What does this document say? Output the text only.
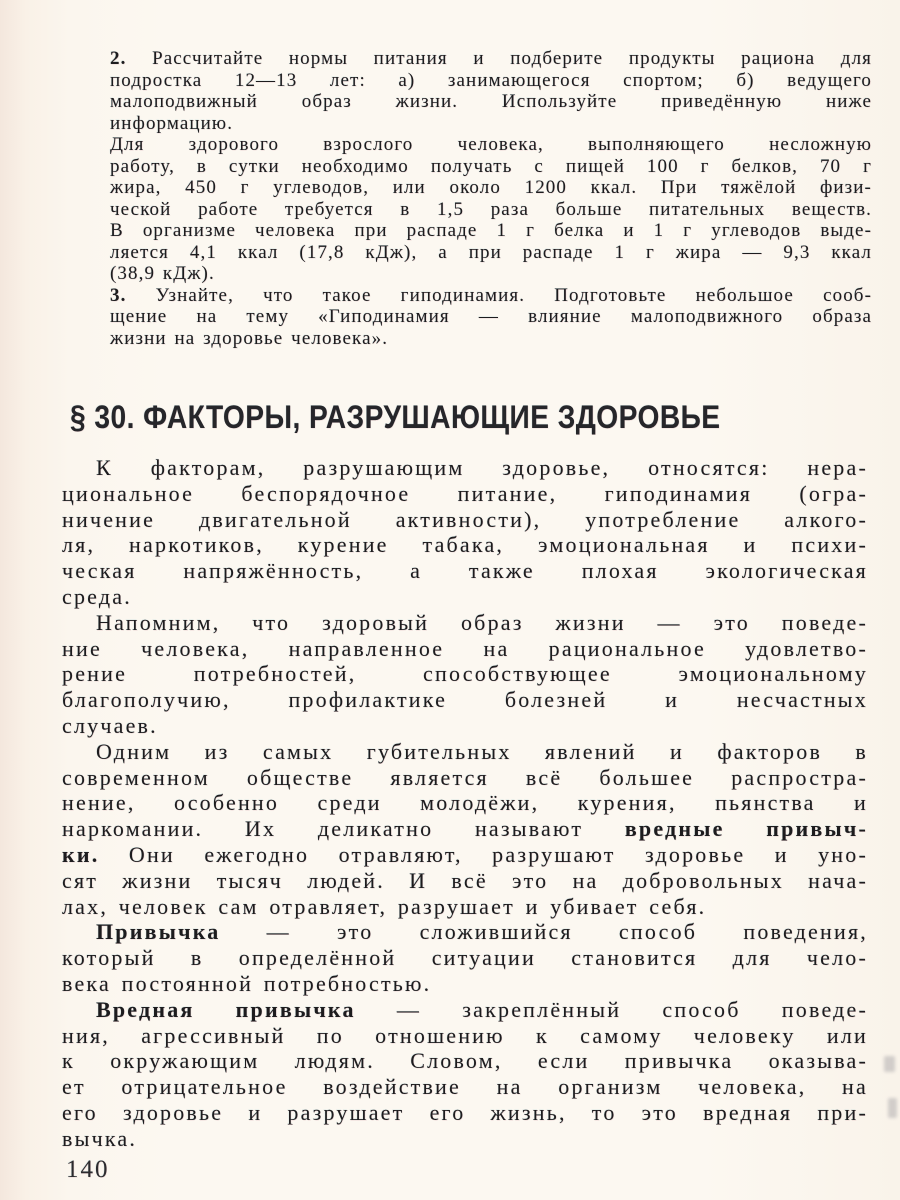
2. Рассчитайте нормы питания и подберите продукты рациона для
подростка 12—13 лет: а) занимающегося спортом; б) ведущего
малоподвижный образ жизни. Используйте приведённую ниже
информацию.
Для здорового взрослого человека, выполняющего несложную
работу, в сутки необходимо получать с пищей 100 г белков, 70 г
жира, 450 г углеводов, или около 1200 ккал. При тяжёлой физи-
ческой работе требуется в 1,5 раза больше питательных веществ.
В организме человека при распаде 1 г белка и 1 г углеводов выде-
ляется 4,1 ккал (17,8 кДж), а при распаде 1 г жира — 9,3 ккал
(38,9 кДж).
3. Узнайте, что такое гиподинамия. Подготовьте небольшое сооб-
щение на тему «Гиподинамия — влияние малоподвижного образа
жизни на здоровье человека».
§ 30. ФАКТОРЫ, РАЗРУШАЮЩИЕ ЗДОРОВЬЕ
К факторам, разрушающим здоровье, относятся: нера-
циональное беспорядочное питание, гиподинамия (огра-
ничение двигательной активности), употребление алкого-
ля, наркотиков, курение табака, эмоциональная и психи-
ческая напряжённость, а также плохая экологическая
среда.
Напомним, что здоровый образ жизни — это поведе-
ние человека, направленное на рациональное удовлетво-
рение потребностей, способствующее эмоциональному
благополучию, профилактике болезней и несчастных
случаев.
Одним из самых губительных явлений и факторов в
современном обществе является всё большее распростра-
нение, особенно среди молодёжи, курения, пьянства и
наркомании. Их деликатно называют вредные привыч-
ки. Они ежегодно отравляют, разрушают здоровье и уно-
сят жизни тысяч людей. И всё это на добровольных нача-
лах, человек сам отравляет, разрушает и убивает себя.
Привычка — это сложившийся способ поведения,
который в определённой ситуации становится для чело-
века постоянной потребностью.
Вредная привычка — закреплённый способ поведе-
ния, агрессивный по отношению к самому человеку или
к окружающим людям. Словом, если привычка оказыва-
ет отрицательное воздействие на организм человека, на
его здоровье и разрушает его жизнь, то это вредная при-
вычка.
140
